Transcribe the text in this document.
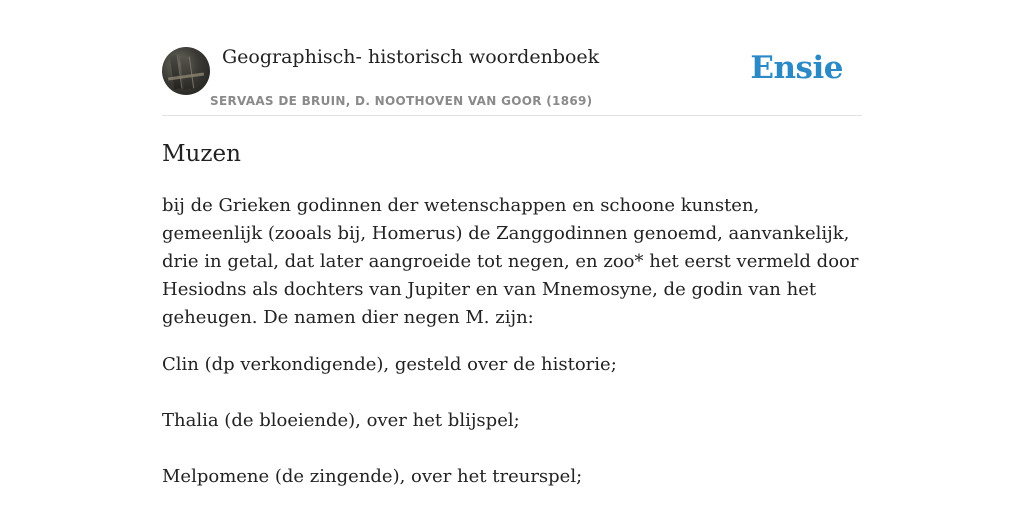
Geographisch- historisch woordenboek
SERVAAS DE BRUIN, D. NOOTHOVEN VAN GOOR (1869)
Ensie
Muzen

bij de Grieken godinnen der wetenschappen en schoone kunsten, gemeenlijk (zooals bij, Homerus) de Zanggodinnen genoemd, aanvankelijk, drie in getal, dat later aangroeide tot negen, en zoo* het eerst vermeld door Hesiodns als dochters van Jupiter en van Mnemosyne, de godin van het geheugen. De namen dier negen M. zijn:

Clin (dp verkondigende), gesteld over de historie;

Thalia (de bloeiende), over het blijspel;

Melpomene (de zingende), over het treurspel;
